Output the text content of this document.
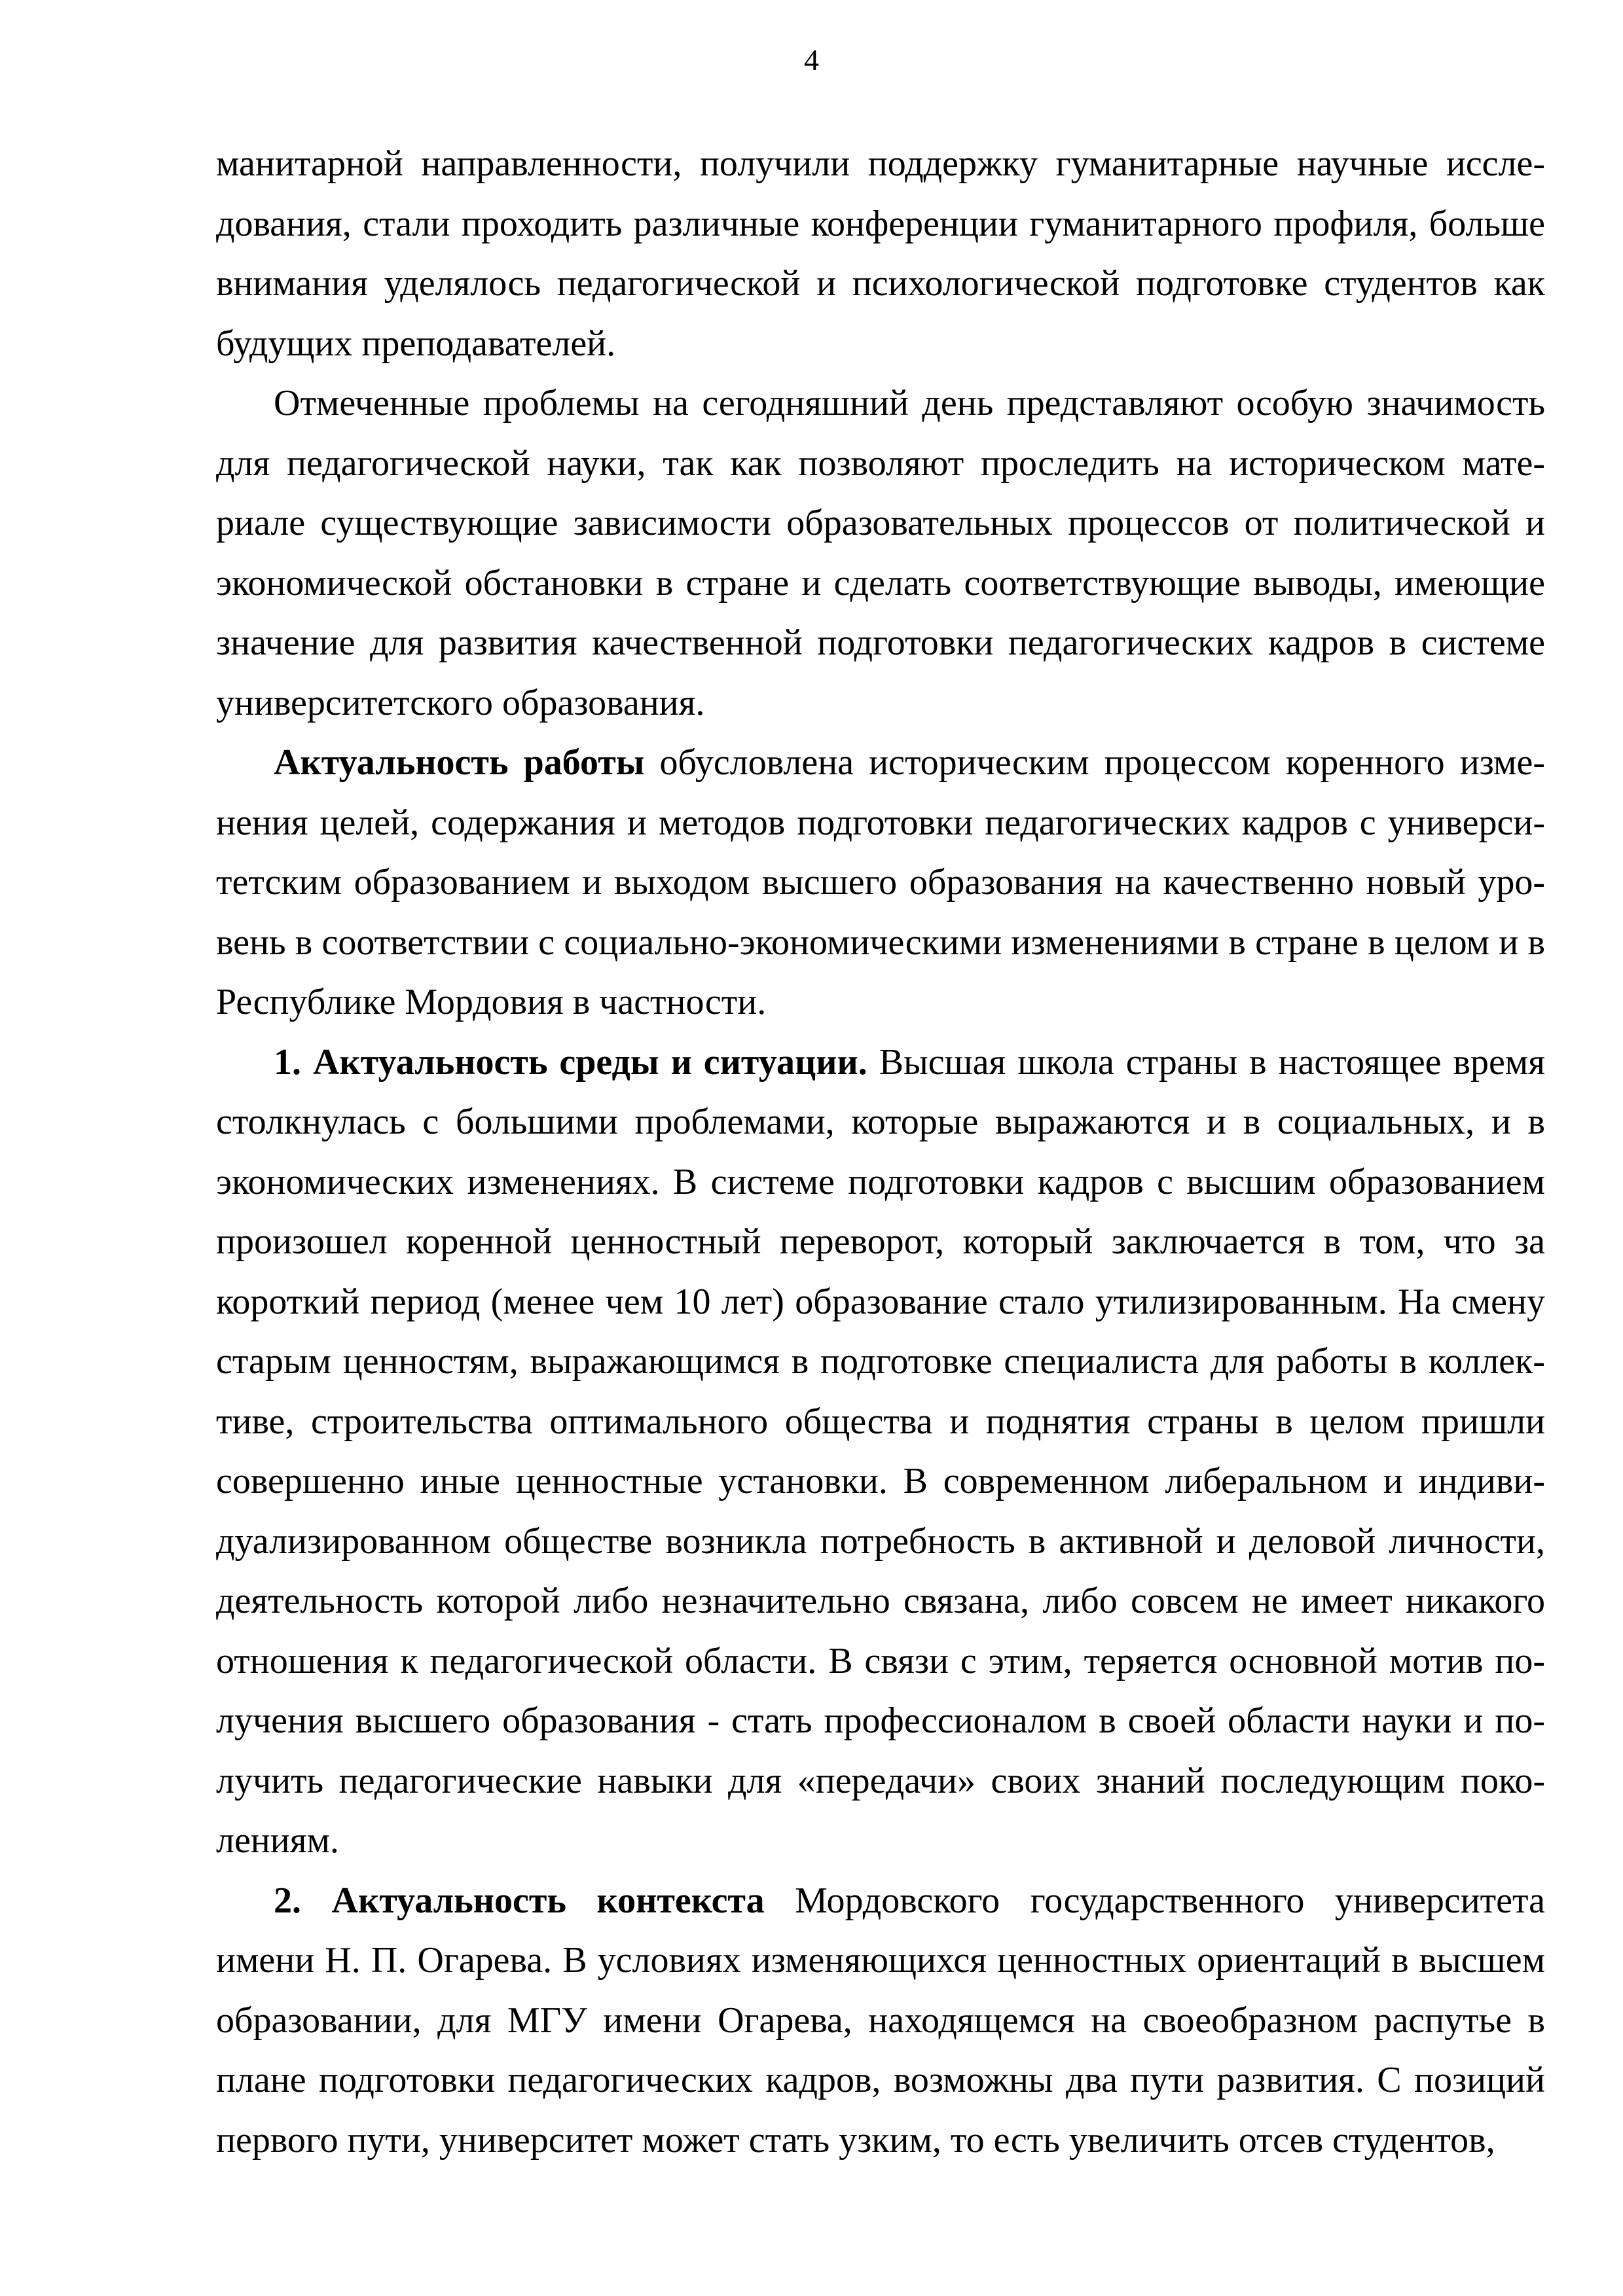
4

манитарной направленности, получили поддержку гуманитарные научные исследования, стали проходить различные конференции гуманитарного профиля, больше внимания уделялось педагогической и психологической подготовке студентов как будущих преподавателей.

Отмеченные проблемы на сегодняшний день представляют особую значимость для педагогической науки, так как позволяют проследить на историческом материале существующие зависимости образовательных процессов от политической и экономической обстановки в стране и сделать соответствующие выводы, имеющие значение для развития качественной подготовки педагогических кадров в системе университетского образования.

Актуальность работы обусловлена историческим процессом коренного изменения целей, содержания и методов подготовки педагогических кадров с университетским образованием и выходом высшего образования на качественно новый уровень в соответствии с социально-экономическими изменениями в стране в целом и в Республике Мордовия в частности.

1. Актуальность среды и ситуации. Высшая школа страны в настоящее время столкнулась с большими проблемами, которые выражаются и в социальных, и в экономических изменениях. В системе подготовки кадров с высшим образованием произошел коренной ценностный переворот, который заключается в том, что за короткий период (менее чем 10 лет) образование стало утилизированным. На смену старым ценностям, выражающимся в подготовке специалиста для работы в коллективе, строительства оптимального общества и поднятия страны в целом пришли совершенно иные ценностные установки. В современном либеральном и индивидуализированном обществе возникла потребность в активной и деловой личности, деятельность которой либо незначительно связана, либо совсем не имеет никакого отношения к педагогической области. В связи с этим, теряется основной мотив получения высшего образования - стать профессионалом в своей области науки и получить педагогические навыки для «передачи» своих знаний последующим поколениям.

2. Актуальность контекста Мордовского государственного университета имени Н. П. Огарева. В условиях изменяющихся ценностных ориентаций в высшем образовании, для МГУ имени Огарева, находящемся на своеобразном распутье в плане подготовки педагогических кадров, возможны два пути развития. С позиций первого пути, университет может стать узким, то есть увеличить отсев студентов,
